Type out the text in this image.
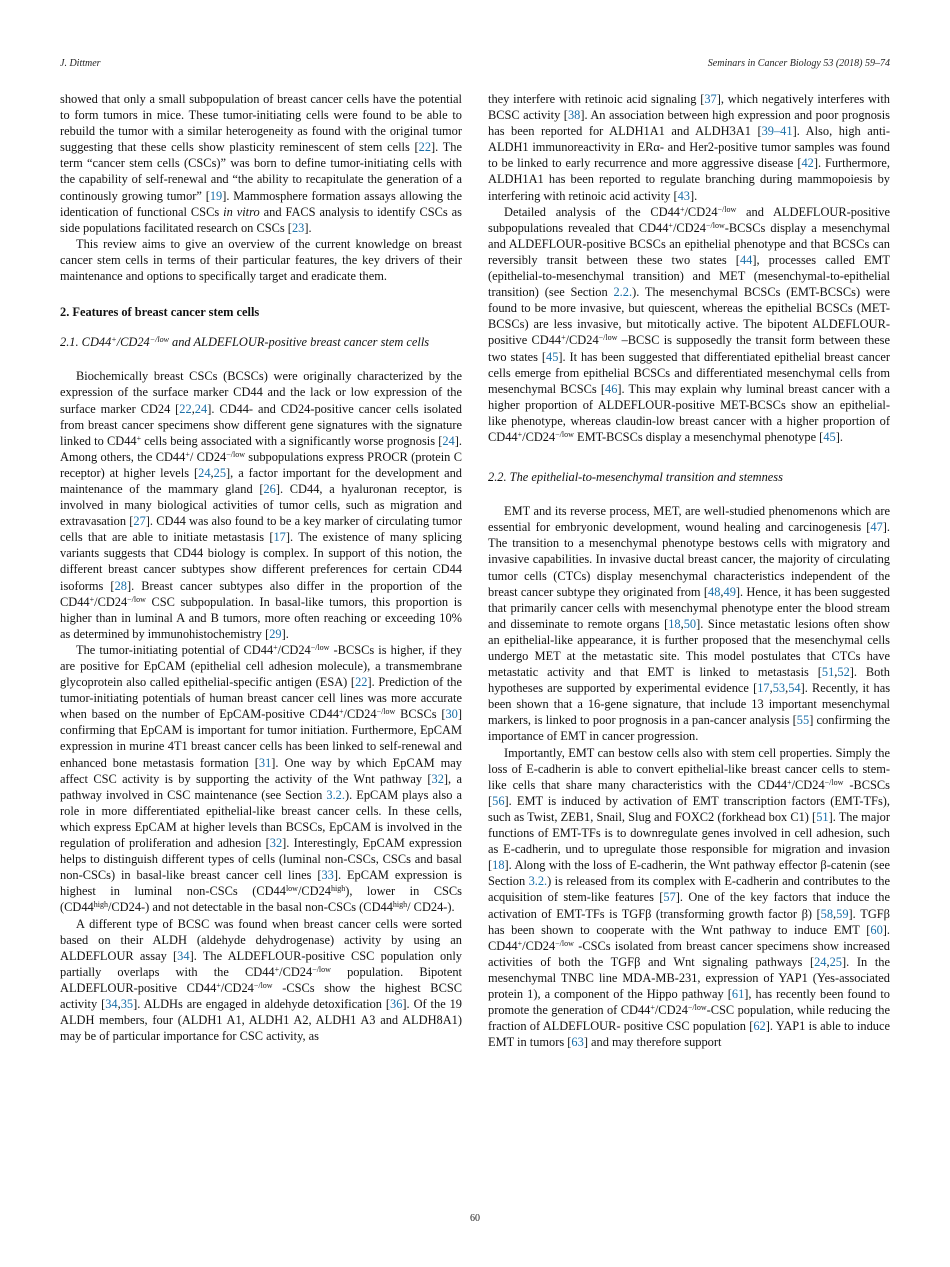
J. Dittmer	Seminars in Cancer Biology 53 (2018) 59–74

showed that only a small subpopulation of breast cancer cells have the potential to form tumors in mice. These tumor-initiating cells were found to be able to rebuild the tumor with a similar heterogeneity as found with the original tumor suggesting that these cells show plasticity reminescent of stem cells [22]. The term “cancer stem cells (CSCs)” was born to define tumor-initiating cells with the capability of self-renewal and “the ability to recapitulate the generation of a continously growing tumor” [19]. Mammosphere formation assays allowing the identication of functional CSCs in vitro and FACS analysis to identify CSCs as side populations facilitated research on CSCs [23].

This review aims to give an overview of the current knowledge on breast cancer stem cells in terms of their particular features, the key drivers of their maintenance and options to specifically target and eradicate them.

2. Features of breast cancer stem cells

2.1. $CD44^+/CD24^{-/low}$ and ALDEFLOUR-positive breast cancer stem cells

Biochemically breast CSCs (BCSCs) were originally characterized by the expression of the surface marker CD44 and the lack or low expression of the surface marker CD24 [22,24]. CD44- and CD24-positive cancer cells isolated from breast cancer specimens show different gene signatures with the signature linked to CD44+ cells being associated with a significantly worse prognosis [24]. Among others, the CD44+/ $CD24^{-/low}$ subpopulations express PROCR (protein C receptor) at higher levels [24,25], a factor important for the development and maintenance of the mammary gland [26]. CD44, a hyaluronan receptor, is involved in many biological activities of tumor cells, such as migration and extravasation [27]. CD44 was also found to be a key marker of circulating tumor cells that are able to initiate metastasis [17]. The existence of many splicing variants suggests that CD44 biology is complex. In support of this notion, the different breast cancer subtypes show different preferences for certain CD44 isoforms [28]. Breast cancer subtypes also differ in the proportion of the $CD44^+/CD24^{-/low}$ CSC subpopulation. In basal-like tumors, this proportion is higher than in luminal A and B tumors, more often reaching or exceeding 10% as determined by immunohistochemistry [29].

The tumor-initiating potential of $CD44^+/CD24^{-/low}$ -BCSCs is higher, if they are positive for EpCAM (epithelial cell adhesion molecule), a transmembrane glycoprotein also called epithelial-specific antigen (ESA) [22]. Prediction of the tumor-initiating potentials of human breast cancer cell lines was more accurate when based on the number of EpCAM-positive $CD44^+/CD24^{-/low}$ BCSCs [30] confirming that EpCAM is important for tumor initiation. Furthermore, EpCAM expression in murine 4T1 breast cancer cells has been linked to self-renewal and enhanced bone metastasis formation [31]. One way by which EpCAM may affect CSC activity is by supporting the activity of the Wnt pathway [32], a pathway involved in CSC maintenance (see Section 3.2.). EpCAM plays also a role in more differentiated epithelial-like breast cancer cells. In these cells, which express EpCAM at higher levels than BCSCs, EpCAM is involved in the regulation of proliferation and adhesion [32]. Interestingly, EpCAM expression helps to distinguish different types of cells (luminal non-CSCs, CSCs and basal non-CSCs) in basal-like breast cancer cell lines [33]. EpCAM expression is highest in luminal non-CSCs $(CD44^{low}/CD24^{high})$, lower in CSCs $(CD44^{high}/CD24-)$ and not detectable in the basal non-CSCs ($CD44^{high}/$ CD24-).

A different type of BCSC was found when breast cancer cells were sorted based on their ALDH (aldehyde dehydrogenase) activity by using an ALDEFLOUR assay [34]. The ALDEFLOUR-positive CSC population only partially overlaps with the $CD44^+/CD24^{-/low}$ population. Bipotent ALDEFLOUR-positive $CD44^+/CD24^{-/low}$ -CSCs show the highest BCSC activity [34,35]. ALDHs are engaged in aldehyde detoxification [36]. Of the 19 ALDH members, four (ALDH1 A1, ALDH1 A2, ALDH1 A3 and ALDH8A1) may be of particular importance for CSC activity, as

they interfere with retinoic acid signaling [37], which negatively interferes with BCSC activity [38]. An association between high expression and poor prognosis has been reported for ALDH1A1 and ALDH3A1 [39–41]. Also, high anti-ALDH1 immunoreactivity in ERα- and Her2-positive tumor samples was found to be linked to early recurrence and more aggressive disease [42]. Furthermore, ALDH1A1 has been reported to regulate branching during mammopoiesis by interfering with retinoic acid activity [43].

Detailed analysis of the $CD44^+/CD24^{-/low}$ and ALDEFLOUR-positive subpopulations revealed that $CD44^+/CD24^{-/low}$-BCSCs display a mesenchymal and ALDEFLOUR-positive BCSCs an epithelial phenotype and that BCSCs can reversibly transit between these two states [44], processes called EMT (epithelial-to-mesenchymal transition) and MET (mesenchymal-to-epithelial transition) (see Section 2.2.). The mesenchymal BCSCs (EMT-BCSCs) were found to be more invasive, but quiescent, whereas the epithelial BCSCs (MET-BCSCs) are less invasive, but mitotically active. The bipotent ALDEFLOUR-positive $CD44^+/CD24^{-/low}$ –BCSC is supposedly the transit form between these two states [45]. It has been suggested that differentiated epithelial breast cancer cells emerge from epithelial BCSCs and differentiated mesenchymal cells from mesenchymal BCSCs [46]. This may explain why luminal breast cancer with a higher proportion of ALDEFLOUR-positive MET-BCSCs show an epithelial-like phenotype, whereas claudin-low breast cancer with a higher proportion of $CD44^+/CD24^{-/low}$ EMT-BCSCs display a mesenchymal phenotype [45].

2.2. The epithelial-to-mesenchymal transition and stemness

EMT and its reverse process, MET, are well-studied phenomenons which are essential for embryonic development, wound healing and carcinogenesis [47]. The transition to a mesenchymal phenotype bestows cells with migratory and invasive capabilities. In invasive ductal breast cancer, the majority of circulating tumor cells (CTCs) display mesenchymal characteristics independent of the breast cancer subtype they originated from [48,49]. Hence, it has been suggested that primarily cancer cells with mesenchymal phenotype enter the blood stream and disseminate to remote organs [18,50]. Since metastatic lesions often show an epithelial-like appearance, it is further proposed that the mesenchymal cells undergo MET at the metastatic site. This model postulates that CTCs have metastatic activity and that EMT is linked to metastasis [51,52]. Both hypotheses are supported by experimental evidence [17,53,54]. Recently, it has been shown that a 16-gene signature, that include 13 important mesenchymal markers, is linked to poor prognosis in a pan-cancer analysis [55] confirming the importance of EMT in cancer progression.

Importantly, EMT can bestow cells also with stem cell properties. Simply the loss of E-cadherin is able to convert epithelial-like breast cancer cells to stem-like cells that share many characteristics with the $CD44^+/CD24^{-/low}$ -BCSCs [56]. EMT is induced by activation of EMT transcription factors (EMT-TFs), such as Twist, ZEB1, Snail, Slug and FOXC2 (forkhead box C1) [51]. The major functions of EMT-TFs is to downregulate genes involved in cell adhesion, such as E-cadherin, und to upregulate those responsible for migration and invasion [18]. Along with the loss of E-cadherin, the Wnt pathway effector β-catenin (see Section 3.2.) is released from its complex with E-cadherin and contributes to the acquisition of stem-like features [57]. One of the key factors that induce the activation of EMT-TFs is TGFβ (transforming growth factor β) [58,59]. TGFβ has been shown to cooperate with the Wnt pathway to induce EMT [60]. $CD44^+/CD24^{-/low}$ -CSCs isolated from breast cancer specimens show increased activities of both the TGFβ and Wnt signaling pathways [24,25]. In the mesenchymal TNBC line MDA-MB-231, expression of YAP1 (Yes-associated protein 1), a component of the Hippo pathway [61], has recently been found to promote the generation of $CD44^+/CD24^{-/low}$-CSC population, while reducing the fraction of ALDEFLOUR- positive CSC population [62]. YAP1 is able to induce EMT in tumors [63] and may therefore support

60
